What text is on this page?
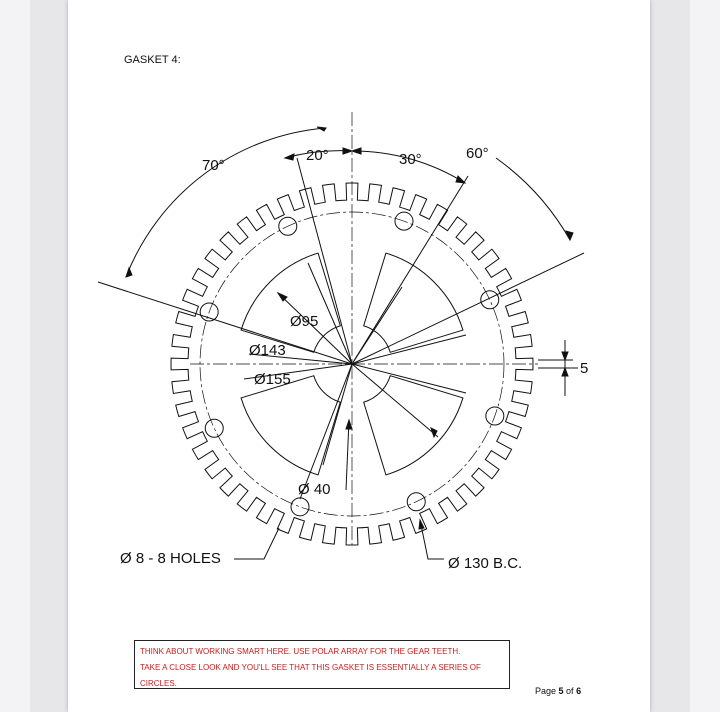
GASKET 4:
70°
20°	30°	60°
Ø95
Ø143
Ø155
Ø 40
5
Ø 8 - 8 HOLES	Ø 130 B.C.
THINK ABOUT WORKING SMART HERE. USE POLAR ARRAY FOR THE GEAR TEETH.
TAKE A CLOSE LOOK AND YOU'LL SEE THAT THIS GASKET IS ESSENTIALLY A SERIES OF
CIRCLES.
Page 5 of 6
